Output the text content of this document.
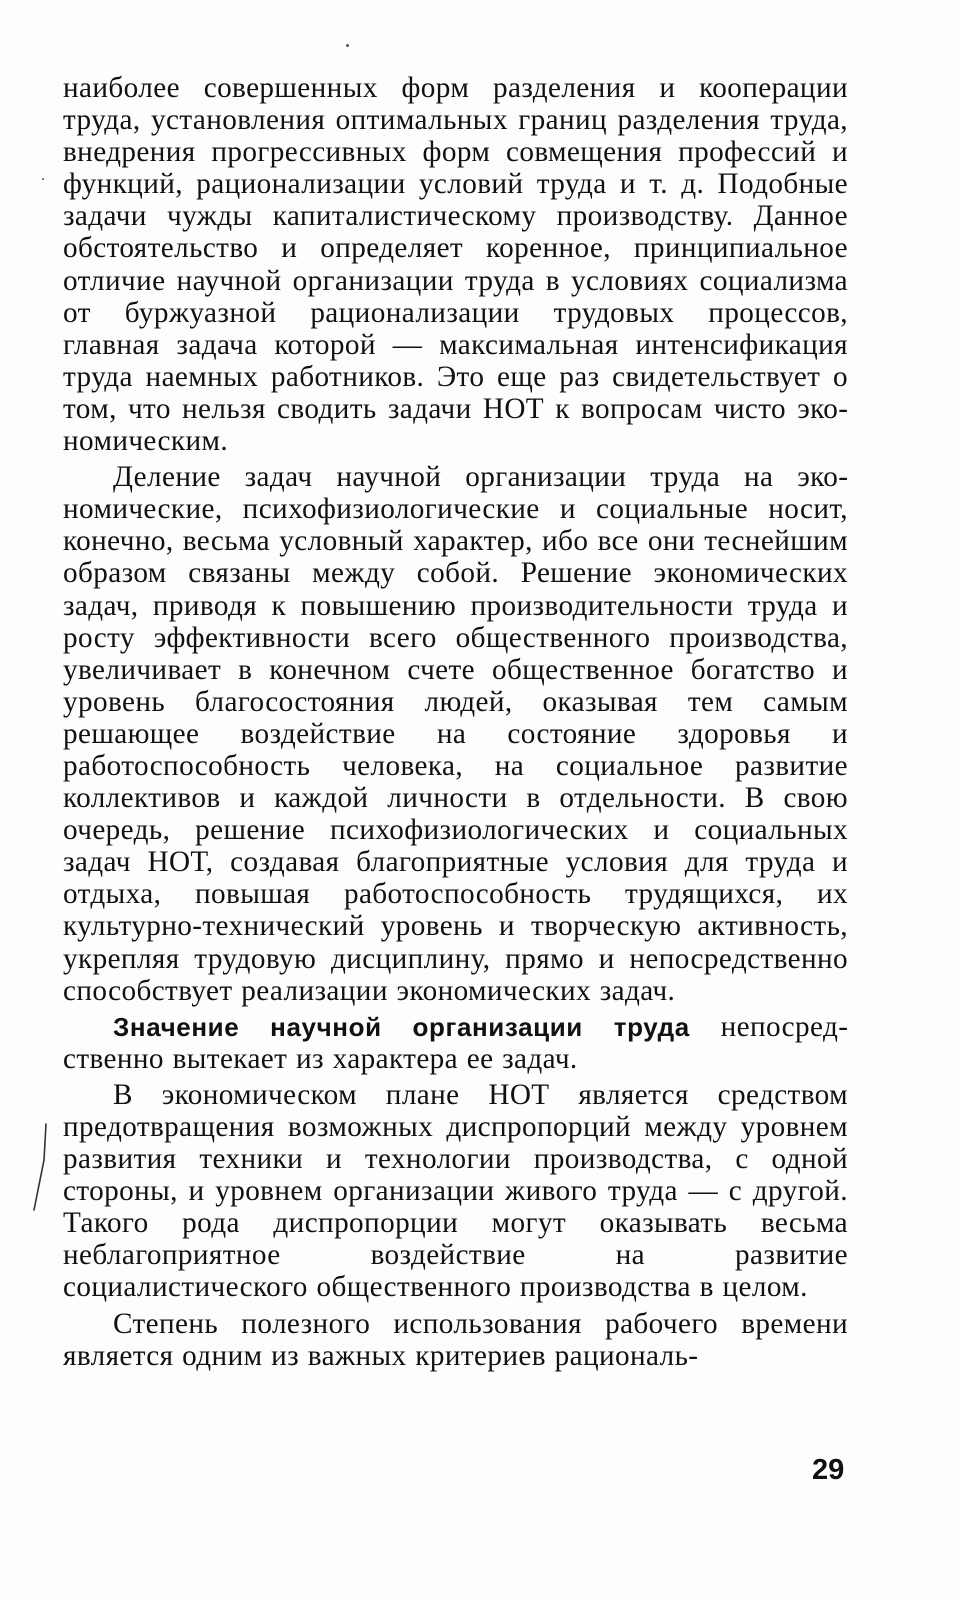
наиболее совершенных форм разделения и кооперации труда, установления оптимальных границ разделения труда, внедрения прогрессивных форм совмещения профессий и функций, рационализации условий труда и т. д. Подобные задачи чужды капиталистическому производству. Данное обстоятельство и определяет коренное, принципиальное отличие научной организации труда в условиях социализма от буржуазной рационализации трудовых процессов, главная задача которой — максимальная интенсификация труда наемных работников. Это еще раз свидетельствует о том, что нельзя сводить задачи НОТ к вопросам чисто экономическим.

Деление задач научной организации труда на экономические, психофизиологические и социальные носит, конечно, весьма условный характер, ибо все они теснейшим образом связаны между собой. Решение экономических задач, приводя к повышению производительности труда и росту эффективности всего общественного производства, увеличивает в конечном счете общественное богатство и уровень благосостояния людей, оказывая тем самым решающее воздействие на состояние здоровья и работоспособность человека, на социальное развитие коллективов и каждой личности в отдельности. В свою очередь, решение психофизиологических и социальных задач НОТ, создавая благоприятные условия для труда и отдыха, повышая работоспособность трудящихся, их культурно-технический уровень и творческую активность, укрепляя трудовую дисциплину, прямо и непосредственно способствует реализации экономических задач.

Значение научной организации труда непосредственно вытекает из характера ее задач.

В экономическом плане НОТ является средством предотвращения возможных диспропорций между уровнем развития техники и технологии производства, с одной стороны, и уровнем организации живого труда — с другой. Такого рода диспропорции могут оказывать весьма неблагоприятное воздействие на развитие социалистического общественного производства в целом.

Степень полезного использования рабочего времени является одним из важных критериев рациональ-

29
